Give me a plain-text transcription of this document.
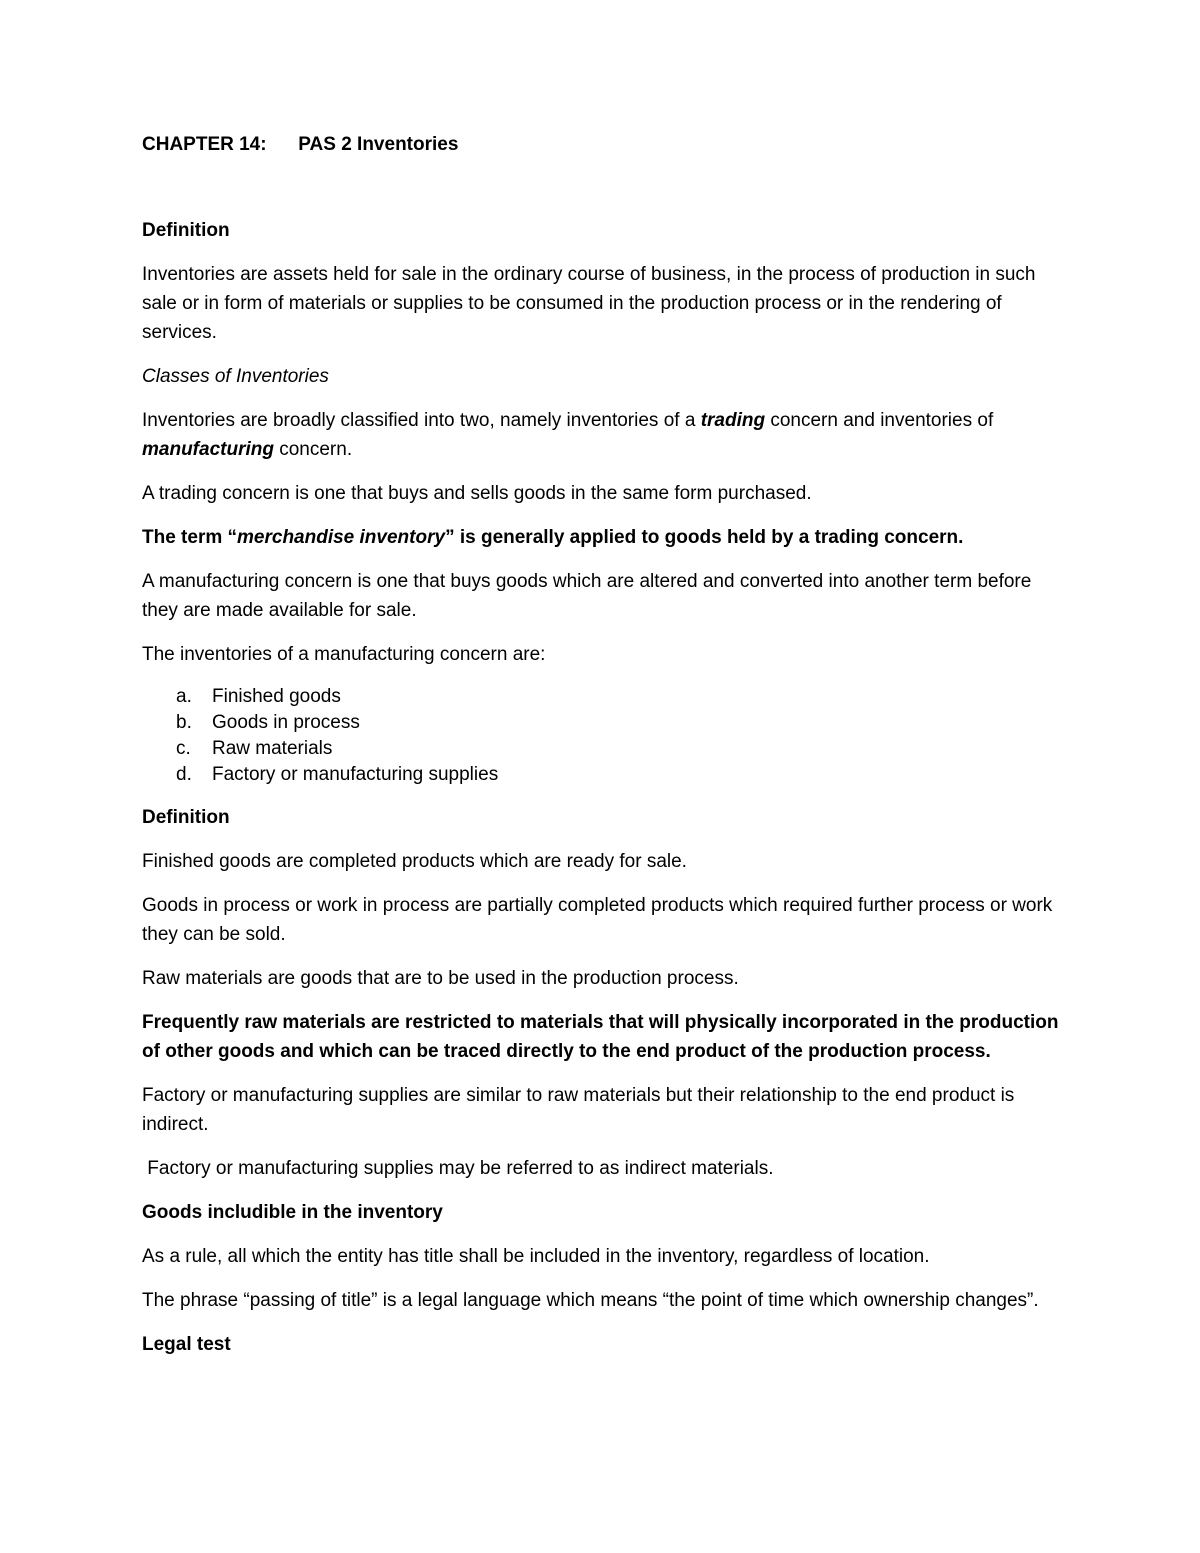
CHAPTER 14: PAS 2 Inventories

Definition

Inventories are assets held for sale in the ordinary course of business, in the process of production in such sale or in form of materials or supplies to be consumed in the production process or in the rendering of services.

Classes of Inventories

Inventories are broadly classified into two, namely inventories of a trading concern and inventories of manufacturing concern.

A trading concern is one that buys and sells goods in the same form purchased.

The term “merchandise inventory” is generally applied to goods held by a trading concern.

A manufacturing concern is one that buys goods which are altered and converted into another term before they are made available for sale.

The inventories of a manufacturing concern are:

a. Finished goods
b. Goods in process
c. Raw materials
d. Factory or manufacturing supplies

Definition

Finished goods are completed products which are ready for sale.

Goods in process or work in process are partially completed products which required further process or work they can be sold.

Raw materials are goods that are to be used in the production process.

Frequently raw materials are restricted to materials that will physically incorporated in the production of other goods and which can be traced directly to the end product of the production process.

Factory or manufacturing supplies are similar to raw materials but their relationship to the end product is indirect.

Factory or manufacturing supplies may be referred to as indirect materials.

Goods includible in the inventory

As a rule, all which the entity has title shall be included in the inventory, regardless of location.

The phrase “passing of title” is a legal language which means “the point of time which ownership changes”.

Legal test
